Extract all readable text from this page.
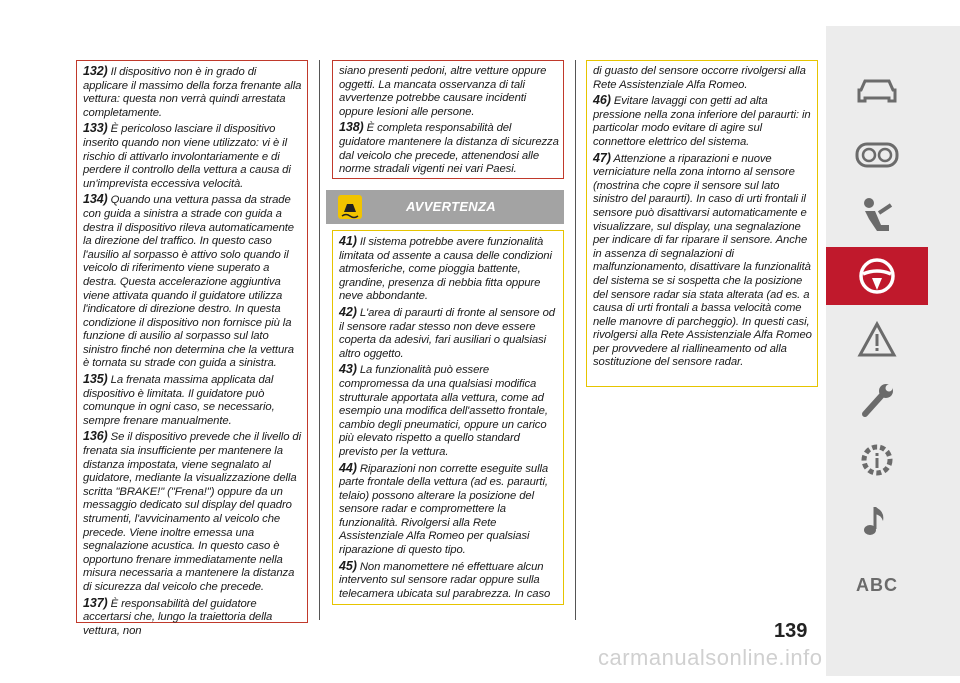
132) Il dispositivo non è in grado di applicare il massimo della forza frenante alla vettura: questa non verrà quindi arrestata completamente.

133) È pericoloso lasciare il dispositivo inserito quando non viene utilizzato: vi è il rischio di attivarlo involontariamente e di perdere il controllo della vettura a causa di un'imprevista eccessiva velocità.

134) Quando una vettura passa da strade con guida a sinistra a strade con guida a destra il dispositivo rileva automaticamente la direzione del traffico. In questo caso l'ausilio al sorpasso è attivo solo quando il veicolo di riferimento viene superato a destra. Questa accelerazione aggiuntiva viene attivata quando il guidatore utilizza l'indicatore di direzione destro. In questa condizione il dispositivo non fornisce più la funzione di ausilio al sorpasso sul lato sinistro finché non determina che la vettura è tornata su strade con guida a sinistra.

135) La frenata massima applicata dal dispositivo è limitata. Il guidatore può comunque in ogni caso, se necessario, sempre frenare manualmente.

136) Se il dispositivo prevede che il livello di frenata sia insufficiente per mantenere la distanza impostata, viene segnalato al guidatore, mediante la visualizzazione della scritta "BRAKE!" ("Frena!") oppure da un messaggio dedicato sul display del quadro strumenti, l'avvicinamento al veicolo che precede. Viene inoltre emessa una segnalazione acustica. In questo caso è opportuno frenare immediatamente nella misura necessaria a mantenere la distanza di sicurezza dal veicolo che precede.

137) È responsabilità del guidatore accertarsi che, lungo la traiettoria della vettura, non

siano presenti pedoni, altre vetture oppure oggetti. La mancata osservanza di tali avvertenze potrebbe causare incidenti oppure lesioni alle persone.

138) È completa responsabilità del guidatore mantenere la distanza di sicurezza dal veicolo che precede, attenendosi alle norme stradali vigenti nei vari Paesi.

AVVERTENZA

41) Il sistema potrebbe avere funzionalità limitata od assente a causa delle condizioni atmosferiche, come pioggia battente, grandine, presenza di nebbia fitta oppure neve abbondante.

42) L'area di paraurti di fronte al sensore od il sensore radar stesso non deve essere coperta da adesivi, fari ausiliari o qualsiasi altro oggetto.

43) La funzionalità può essere compromessa da una qualsiasi modifica strutturale apportata alla vettura, come ad esempio una modifica dell'assetto frontale, cambio degli pneumatici, oppure un carico più elevato rispetto a quello standard previsto per la vettura.

44) Riparazioni non corrette eseguite sulla parte frontale della vettura (ad es. paraurti, telaio) possono alterare la posizione del sensore radar e compromettere la funzionalità. Rivolgersi alla Rete Assistenziale Alfa Romeo per qualsiasi riparazione di questo tipo.

45) Non manomettere né effettuare alcun intervento sul sensore radar oppure sulla telecamera ubicata sul parabrezza. In caso

di guasto del sensore occorre rivolgersi alla Rete Assistenziale Alfa Romeo.

46) Evitare lavaggi con getti ad alta pressione nella zona inferiore del paraurti: in particolar modo evitare di agire sul connettore elettrico del sistema.

47) Attenzione a riparazioni e nuove verniciature nella zona intorno al sensore (mostrina che copre il sensore sul lato sinistro del paraurti). In caso di urti frontali il sensore può disattivarsi automaticamente e visualizzare, sul display, una segnalazione per indicare di far riparare il sensore. Anche in assenza di segnalazioni di malfunzionamento, disattivare la funzionalità del sistema se si sospetta che la posizione del sensore radar sia stata alterata (ad es. a causa di urti frontali a bassa velocità come nelle manovre di parcheggio). In questi casi, rivolgersi alla Rete Assistenziale Alfa Romeo per provvedere al riallineamento od alla sostituzione del sensore radar.

ABC
139
carmanualsonline.info
